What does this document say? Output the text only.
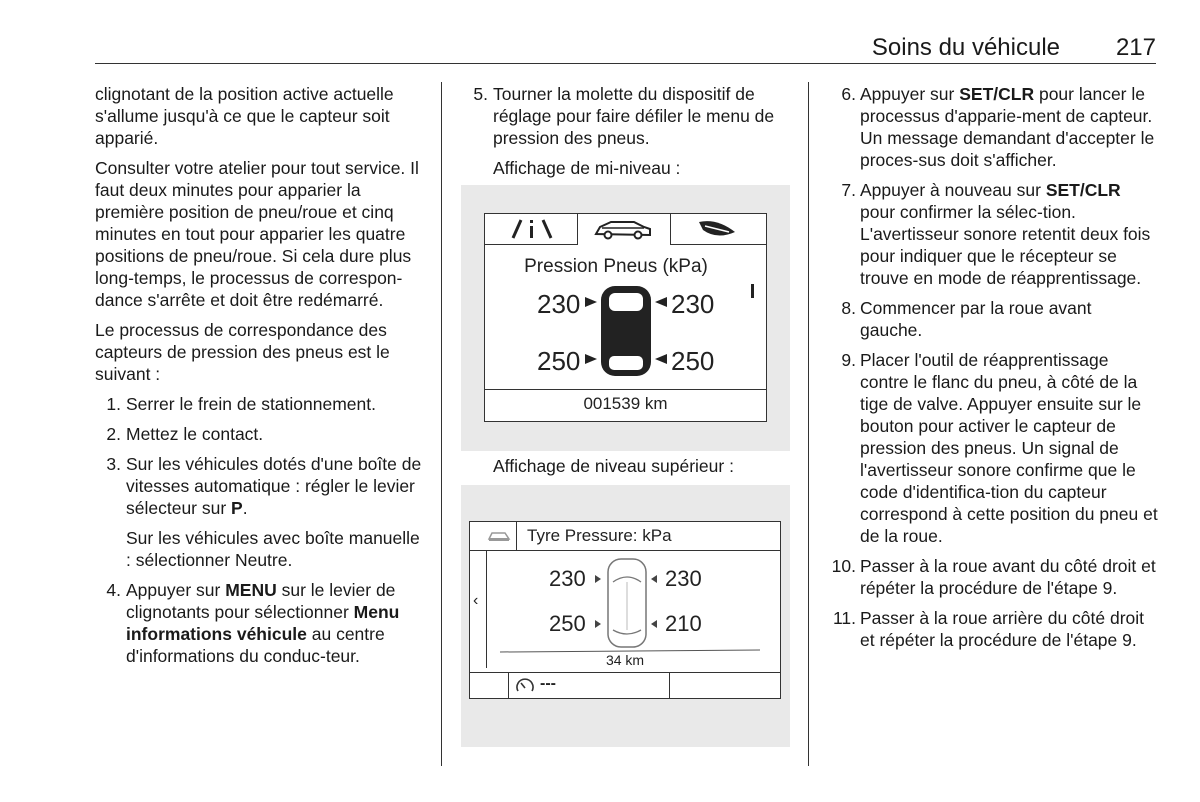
Soins du véhicule 217

clignotant de la position active actuelle s'allume jusqu'à ce que le capteur soit apparié.

Consulter votre atelier pour tout service. Il faut deux minutes pour apparier la première position de pneu/roue et cinq minutes en tout pour apparier les quatre positions de pneu/roue. Si cela dure plus long‐temps, le processus de correspon‐dance s'arrête et doit être redémarré.

Le processus de correspondance des capteurs de pression des pneus est le suivant :

1. Serrer le frein de stationnement.
2. Mettez le contact.
3. Sur les véhicules dotés d'une boîte de vitesses automatique : régler le levier sélecteur sur P.
Sur les véhicules avec boîte manuelle : sélectionner Neutre.
4. Appuyer sur MENU sur le levier de clignotants pour sélectionner Menu informations véhicule au centre d'informations du conduc‐teur.
5. Tourner la molette du dispositif de réglage pour faire défiler le menu de pression des pneus.

Affichage de mi-niveau :

Affichage de niveau supérieur :

Pression Pneus (kPa)
230	230
250	250
001539 km
Tyre Pressure: kPa
‹
230	230
250	210
34 km
---
6. Appuyer sur SET/CLR pour lancer le processus d'apparie‐ment de capteur. Un message demandant d'accepter le proces‐sus doit s'afficher.
7. Appuyer à nouveau sur SET/CLR pour confirmer la sélec‐tion. L'avertisseur sonore retentit deux fois pour indiquer que le récepteur se trouve en mode de réapprentissage.
8. Commencer par la roue avant gauche.
9. Placer l'outil de réapprentissage contre le flanc du pneu, à côté de la tige de valve. Appuyer ensuite sur le bouton pour activer le capteur de pression des pneus. Un signal de l'avertisseur sonore confirme que le code d'identifica‐tion du capteur correspond à cette position du pneu et de la roue.
10. Passer à la roue avant du côté droit et répéter la procédure de l'étape 9.
11. Passer à la roue arrière du côté droit et répéter la procédure de l'étape 9.
